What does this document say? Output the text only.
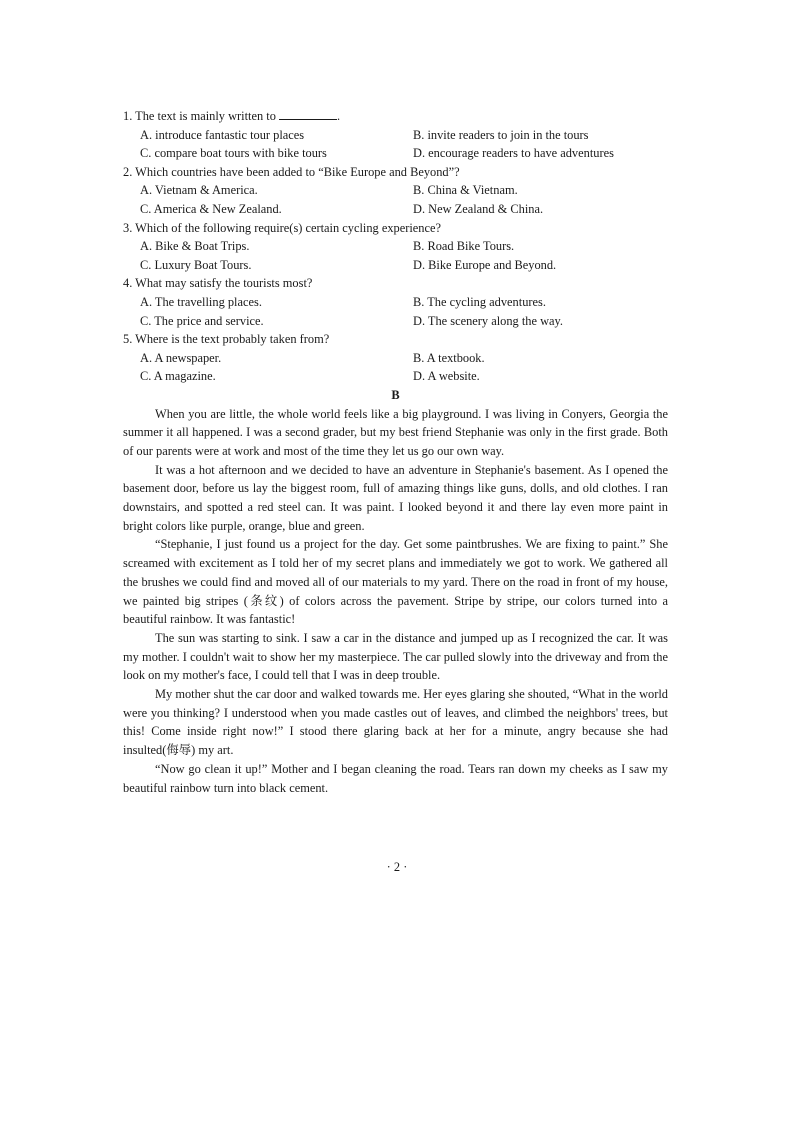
1. The text is mainly written to	.
A. introduce fantastic tour places	B. invite readers to join in the tours
C. compare boat tours with bike tours	D. encourage readers to have adventures
2. Which countries have been added to “Bike Europe and Beyond”?
A. Vietnam & America.	B. China & Vietnam.
C. America & New Zealand.	D. New Zealand & China.
3. Which of the following require(s) certain cycling experience?
A. Bike & Boat Trips.	B. Road Bike Tours.
C. Luxury Boat Tours.	D. Bike Europe and Beyond.
4. What may satisfy the tourists most?
A. The travelling places.	B. The cycling adventures.
C. The price and service.	D. The scenery along the way.
5. Where is the text probably taken from?
A. A newspaper.	B. A textbook.
C. A magazine.	D. A website.
B

When you are little, the whole world feels like a big playground. I was living in Conyers, Georgia the summer it all happened. I was a second grader, but my best friend Stephanie was only in the first grade. Both of our parents were at work and most of the time they let us go our own way.

It was a hot afternoon and we decided to have an adventure in Stephanie's basement. As I opened the basement door, before us lay the biggest room, full of amazing things like guns, dolls, and old clothes. I ran downstairs, and spotted a red steel can. It was paint. I looked beyond it and there lay even more paint in bright colors like purple, orange, blue and green.

“Stephanie, I just found us a project for the day. Get some paintbrushes. We are fixing to paint.” She screamed with excitement as I told her of my secret plans and immediately we got to work. We gathered all the brushes we could find and moved all of our materials to my yard. There on the road in front of my house, we painted big stripes (条纹) of colors across the pavement. Stripe by stripe, our colors turned into a beautiful rainbow. It was fantastic!

The sun was starting to sink. I saw a car in the distance and jumped up as I recognized the car. It was my mother. I couldn't wait to show her my masterpiece. The car pulled slowly into the driveway and from the look on my mother's face, I could tell that I was in deep trouble.

My mother shut the car door and walked towards me. Her eyes glaring she shouted, “What in the world were you thinking? I understood when you made castles out of leaves, and climbed the neighbors' trees, but this! Come inside right now!” I stood there glaring back at her for a minute, angry because she had insulted(侮辱) my art.

“Now go clean it up!” Mother and I began cleaning the road. Tears ran down my cheeks as I saw my beautiful rainbow turn into black cement.

· 2 ·
